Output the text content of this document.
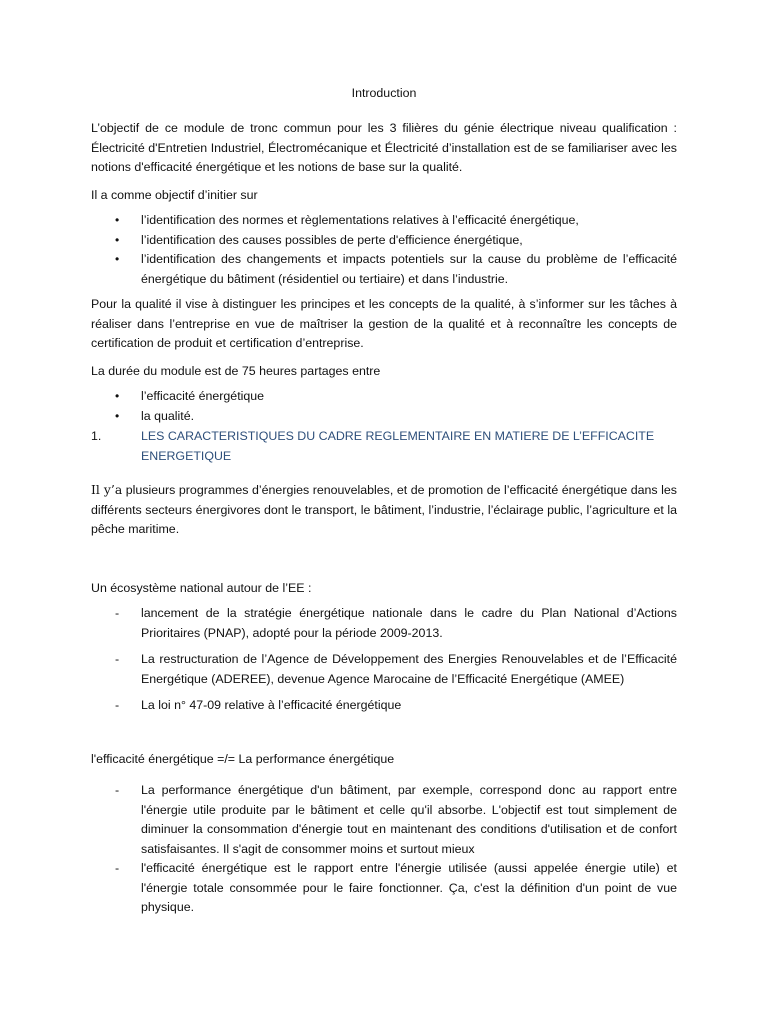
Introduction

L’objectif de ce module de tronc commun pour les 3 filières du génie électrique niveau qualification : Électricité d'Entretien Industriel, Électromécanique et Électricité d’installation est de se familiariser avec les notions d'efficacité énergétique et les notions de base sur la qualité.

Il a comme objectif d’initier sur

• l’identification des normes et règlementations relatives à l’efficacité énergétique,
• l’identification des causes possibles de perte d'efficience énergétique,
• l’identification des changements et impacts potentiels sur la cause du problème de l’efficacité énergétique du bâtiment (résidentiel ou tertiaire) et dans l’industrie.

Pour la qualité il vise à distinguer les principes et les concepts de la qualité, à s’informer sur les tâches à réaliser dans l’entreprise en vue de maîtriser la gestion de la qualité et à reconnaître les concepts de certification de produit et certification d’entreprise.

La durée du module est de 75 heures partages entre

• l’efficacité énergétique
• la qualité.
1.	LES CARACTERISTIQUES DU CADRE REGLEMENTAIRE EN MATIERE DE L’EFFICACITE ENERGETIQUE

Il y’a plusieurs programmes d’énergies renouvelables, et de promotion de l’efficacité énergétique dans les différents secteurs énergivores dont le transport, le bâtiment, l’industrie, l’éclairage public, l’agriculture et la pêche maritime.

Un écosystème national autour de l’EE :

- lancement de la stratégie énergétique nationale dans le cadre du Plan National d’Actions Prioritaires (PNAP), adopté pour la période 2009-2013.
- La restructuration de l’Agence de Développement des Energies Renouvelables et de l’Efficacité Energétique (ADEREE), devenue Agence Marocaine de l’Efficacité Energétique (AMEE)
- La loi n° 47-09 relative à l’efficacité énergétique

l'efficacité énergétique =/= La performance énergétique

- La performance énergétique d'un bâtiment, par exemple, correspond donc au rapport entre l'énergie utile produite par le bâtiment et celle qu'il absorbe. L'objectif est tout simplement de diminuer la consommation d'énergie tout en maintenant des conditions d'utilisation et de confort satisfaisantes. Il s'agit de consommer moins et surtout mieux
- l'efficacité énergétique est le rapport entre l'énergie utilisée (aussi appelée énergie utile) et l'énergie totale consommée pour le faire fonctionner. Ça, c'est la définition d'un point de vue physique.
